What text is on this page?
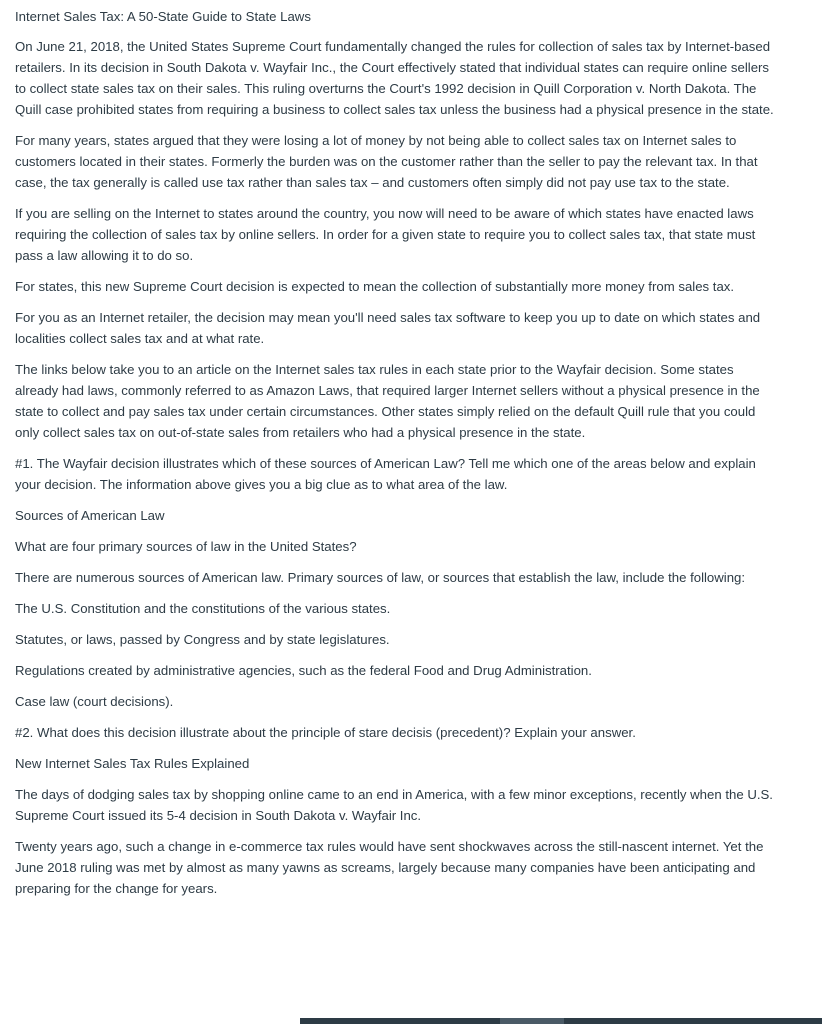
Internet Sales Tax: A 50-State Guide to State Laws

On June 21, 2018, the United States Supreme Court fundamentally changed the rules for collection of sales tax by Internet-based retailers. In its decision in South Dakota v. Wayfair Inc., the Court effectively stated that individual states can require online sellers to collect state sales tax on their sales. This ruling overturns the Court's 1992 decision in Quill Corporation v. North Dakota. The Quill case prohibited states from requiring a business to collect sales tax unless the business had a physical presence in the state.

For many years, states argued that they were losing a lot of money by not being able to collect sales tax on Internet sales to customers located in their states. Formerly the burden was on the customer rather than the seller to pay the relevant tax. In that case, the tax generally is called use tax rather than sales tax – and customers often simply did not pay use tax to the state.

If you are selling on the Internet to states around the country, you now will need to be aware of which states have enacted laws requiring the collection of sales tax by online sellers. In order for a given state to require you to collect sales tax, that state must pass a law allowing it to do so.

For states, this new Supreme Court decision is expected to mean the collection of substantially more money from sales tax.

For you as an Internet retailer, the decision may mean you'll need sales tax software to keep you up to date on which states and localities collect sales tax and at what rate.

The links below take you to an article on the Internet sales tax rules in each state prior to the Wayfair decision. Some states already had laws, commonly referred to as Amazon Laws, that required larger Internet sellers without a physical presence in the state to collect and pay sales tax under certain circumstances. Other states simply relied on the default Quill rule that you could only collect sales tax on out-of-state sales from retailers who had a physical presence in the state.

#1. The Wayfair decision illustrates which of these sources of American Law? Tell me which one of the areas below and explain your decision. The information above gives you a big clue as to what area of the law.

Sources of American Law

What are four primary sources of law in the United States?

There are numerous sources of American law. Primary sources of law, or sources that establish the law, include the following:

The U.S. Constitution and the constitutions of the various states.

Statutes, or laws, passed by Congress and by state legislatures.

Regulations created by administrative agencies, such as the federal Food and Drug Administration.

Case law (court decisions).

#2. What does this decision illustrate about the principle of stare decisis (precedent)? Explain your answer.

New Internet Sales Tax Rules Explained

The days of dodging sales tax by shopping online came to an end in America, with a few minor exceptions, recently when the U.S. Supreme Court issued its 5-4 decision in South Dakota v. Wayfair Inc.

Twenty years ago, such a change in e-commerce tax rules would have sent shockwaves across the still-nascent internet. Yet the June 2018 ruling was met by almost as many yawns as screams, largely because many companies have been anticipating and preparing for the change for years.
